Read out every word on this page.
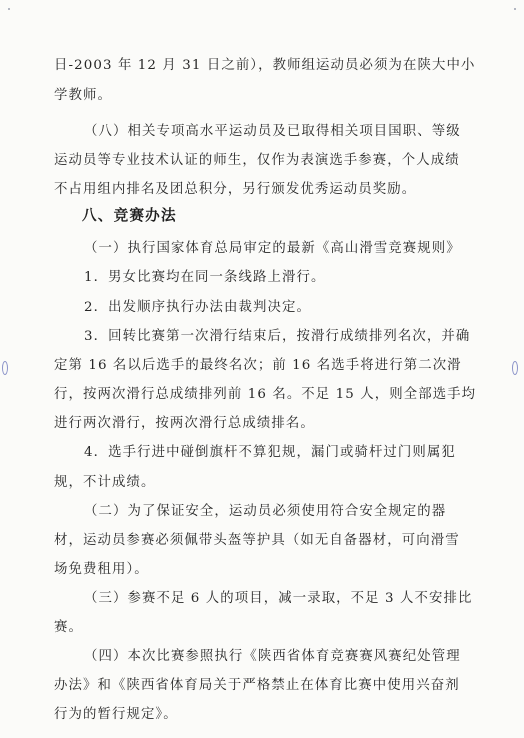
日-2003 年 12 月 31 日之前），教师组运动员必须为在陕大中小
学教师。
（八）相关专项高水平运动员及已取得相关项目国职、等级
运动员等专业技术认证的师生，仅作为表演选手参赛，个人成绩
不占用组内排名及团总积分，另行颁发优秀运动员奖励。
八、竞赛办法
（一）执行国家体育总局审定的最新《高山滑雪竞赛规则》
1．男女比赛均在同一条线路上滑行。
2．出发顺序执行办法由裁判决定。
3．回转比赛第一次滑行结束后，按滑行成绩排列名次，并确
定第 16 名以后选手的最终名次；前 16 名选手将进行第二次滑
行，按两次滑行总成绩排列前 16 名。不足 15 人，则全部选手均
进行两次滑行，按两次滑行总成绩排名。
4．选手行进中碰倒旗杆不算犯规，漏门或骑杆过门则属犯
规，不计成绩。
（二）为了保证安全，运动员必须使用符合安全规定的器
材，运动员参赛必须佩带头盔等护具（如无自备器材，可向滑雪
场免费租用）。
（三）参赛不足 6 人的项目，减一录取，不足 3 人不安排比
赛。
（四）本次比赛参照执行《陕西省体育竞赛赛风赛纪处管理
办法》和《陕西省体育局关于严格禁止在体育比赛中使用兴奋剂
行为的暂行规定》。
